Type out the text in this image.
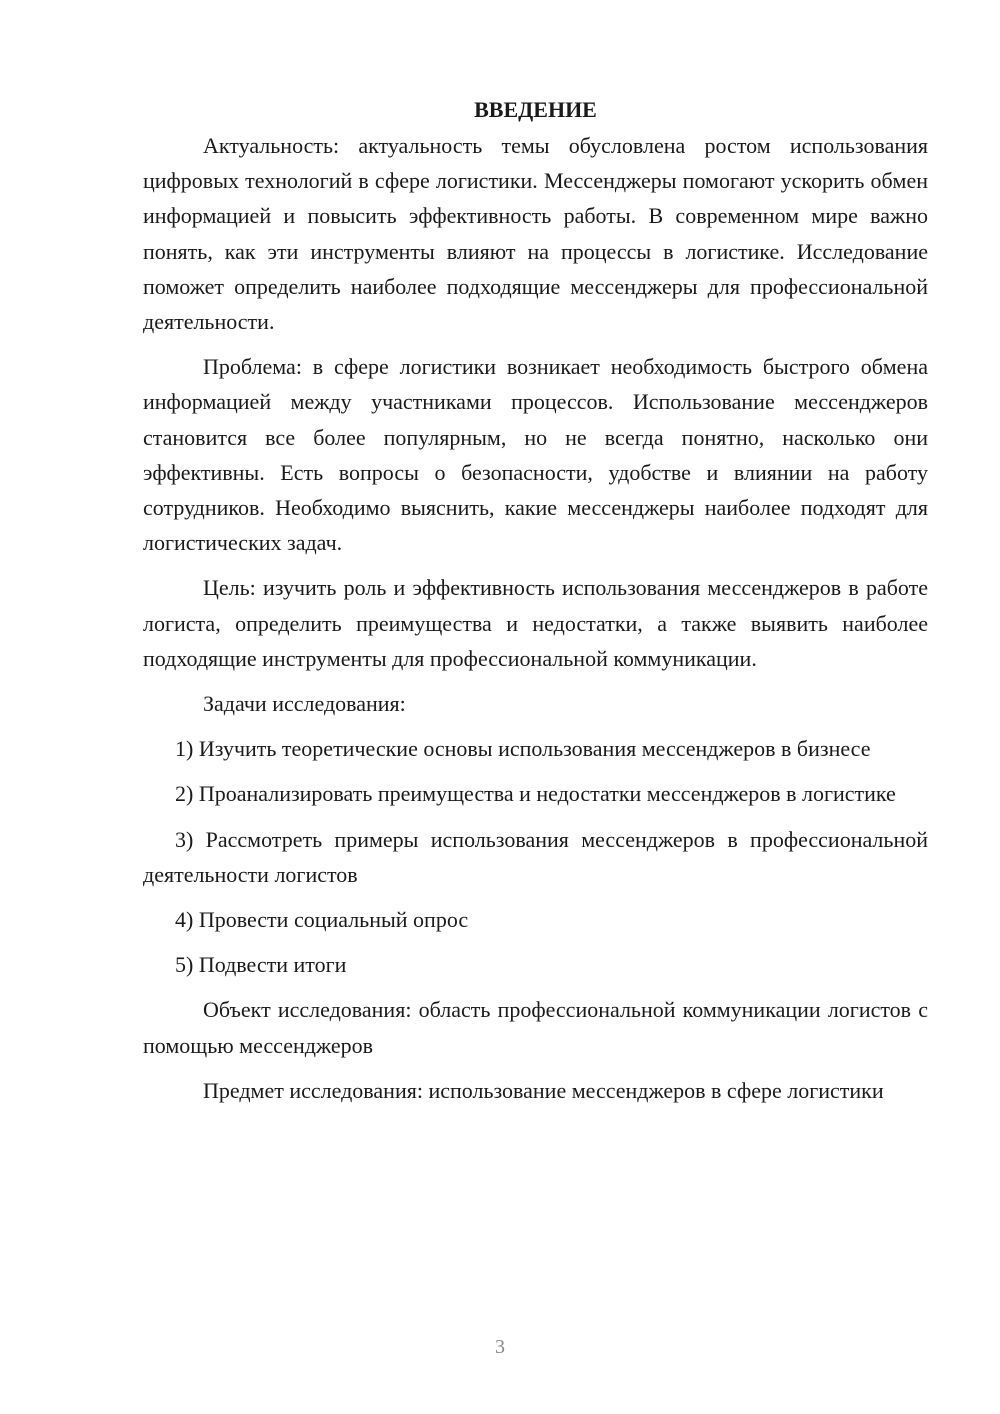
ВВЕДЕНИЕ

Актуальность: актуальность темы обусловлена ростом использования цифровых технологий в сфере логистики. Мессенджеры помогают ускорить обмен информацией и повысить эффективность работы. В современном мире важно понять, как эти инструменты влияют на процессы в логистике. Исследование поможет определить наиболее подходящие мессенджеры для профессиональной деятельности.

Проблема: в сфере логистики возникает необходимость быстрого обмена информацией между участниками процессов. Использование мессенджеров становится все более популярным, но не всегда понятно, насколько они эффективны. Есть вопросы о безопасности, удобстве и влиянии на работу сотрудников. Необходимо выяснить, какие мессенджеры наиболее подходят для логистических задач.

Цель: изучить роль и эффективность использования мессенджеров в работе логиста, определить преимущества и недостатки, а также выявить наиболее подходящие инструменты для профессиональной коммуникации.

Задачи исследования:

1) Изучить теоретические основы использования мессенджеров в бизнесе

2) Проанализировать преимущества и недостатки мессенджеров в логистике

3) Рассмотреть примеры использования мессенджеров в профессиональной деятельности логистов

4) Провести социальный опрос

5) Подвести итоги

Объект исследования: область профессиональной коммуникации логистов с помощью мессенджеров

Предмет исследования: использование мессенджеров в сфере логистики

3
